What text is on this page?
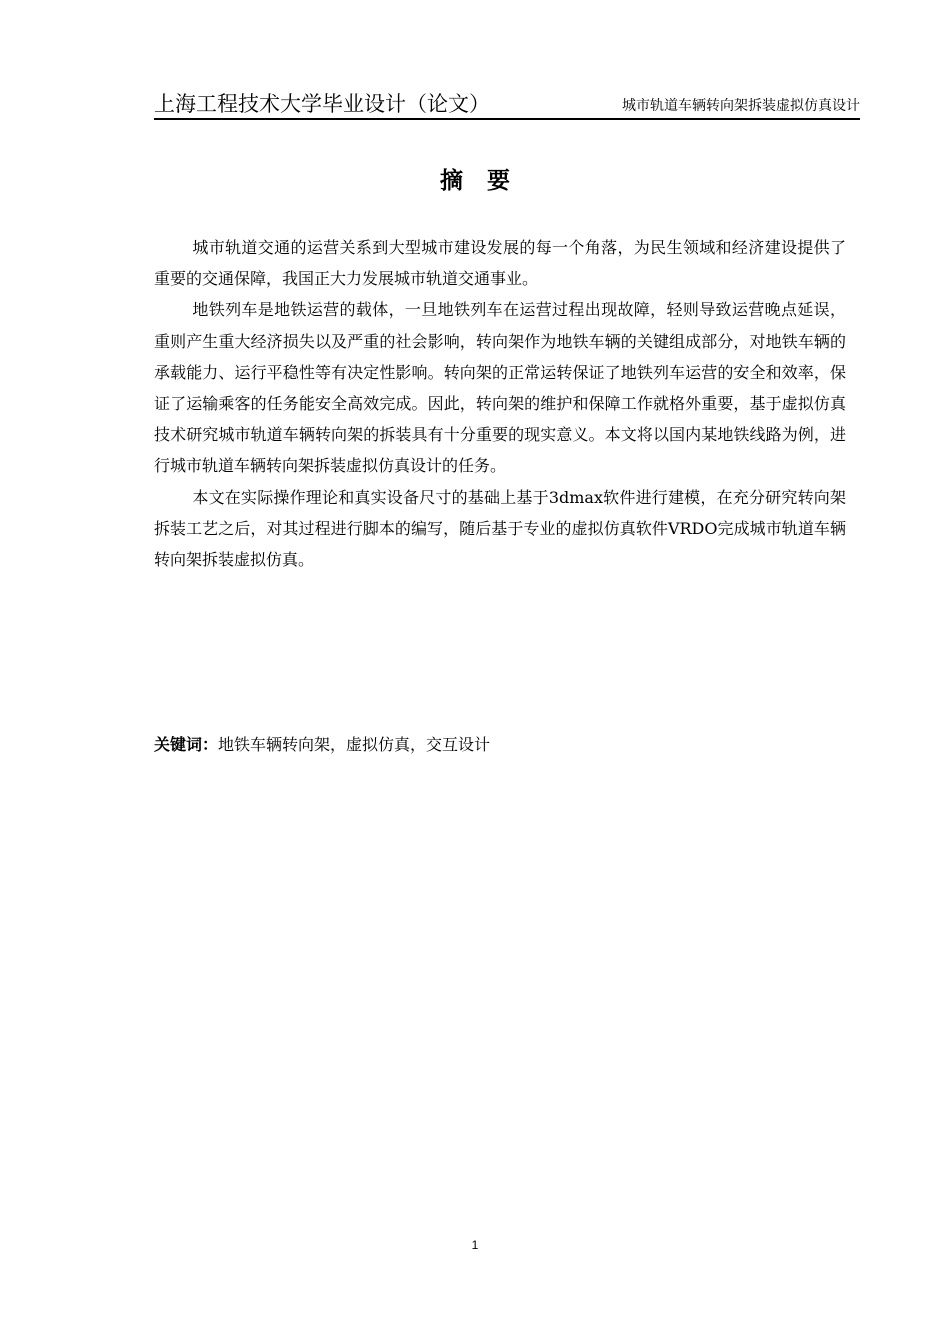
上海工程技术大学毕业设计（论文）	城市轨道车辆转向架拆装虚拟仿真设计
摘要

城市轨道交通的运营关系到大型城市建设发展的每一个角落，为民生领域和经济建设提供了重要的交通保障，我国正大力发展城市轨道交通事业。

地铁列车是地铁运营的载体，一旦地铁列车在运营过程出现故障，轻则导致运营晚点延误，重则产生重大经济损失以及严重的社会影响，转向架作为地铁车辆的关键组成部分，对地铁车辆的承载能力、运行平稳性等有决定性影响。转向架的正常运转保证了地铁列车运营的安全和效率，保证了运输乘客的任务能安全高效完成。因此，转向架的维护和保障工作就格外重要，基于虚拟仿真技术研究城市轨道车辆转向架的拆装具有十分重要的现实意义。本文将以国内某地铁线路为例，进行城市轨道车辆转向架拆装虚拟仿真设计的任务。

本文在实际操作理论和真实设备尺寸的基础上基于3dmax软件进行建模，在充分研究转向架拆装工艺之后，对其过程进行脚本的编写，随后基于专业的虚拟仿真软件VRDO完成城市轨道车辆转向架拆装虚拟仿真。

关键词：地铁车辆转向架，虚拟仿真，交互设计
1
